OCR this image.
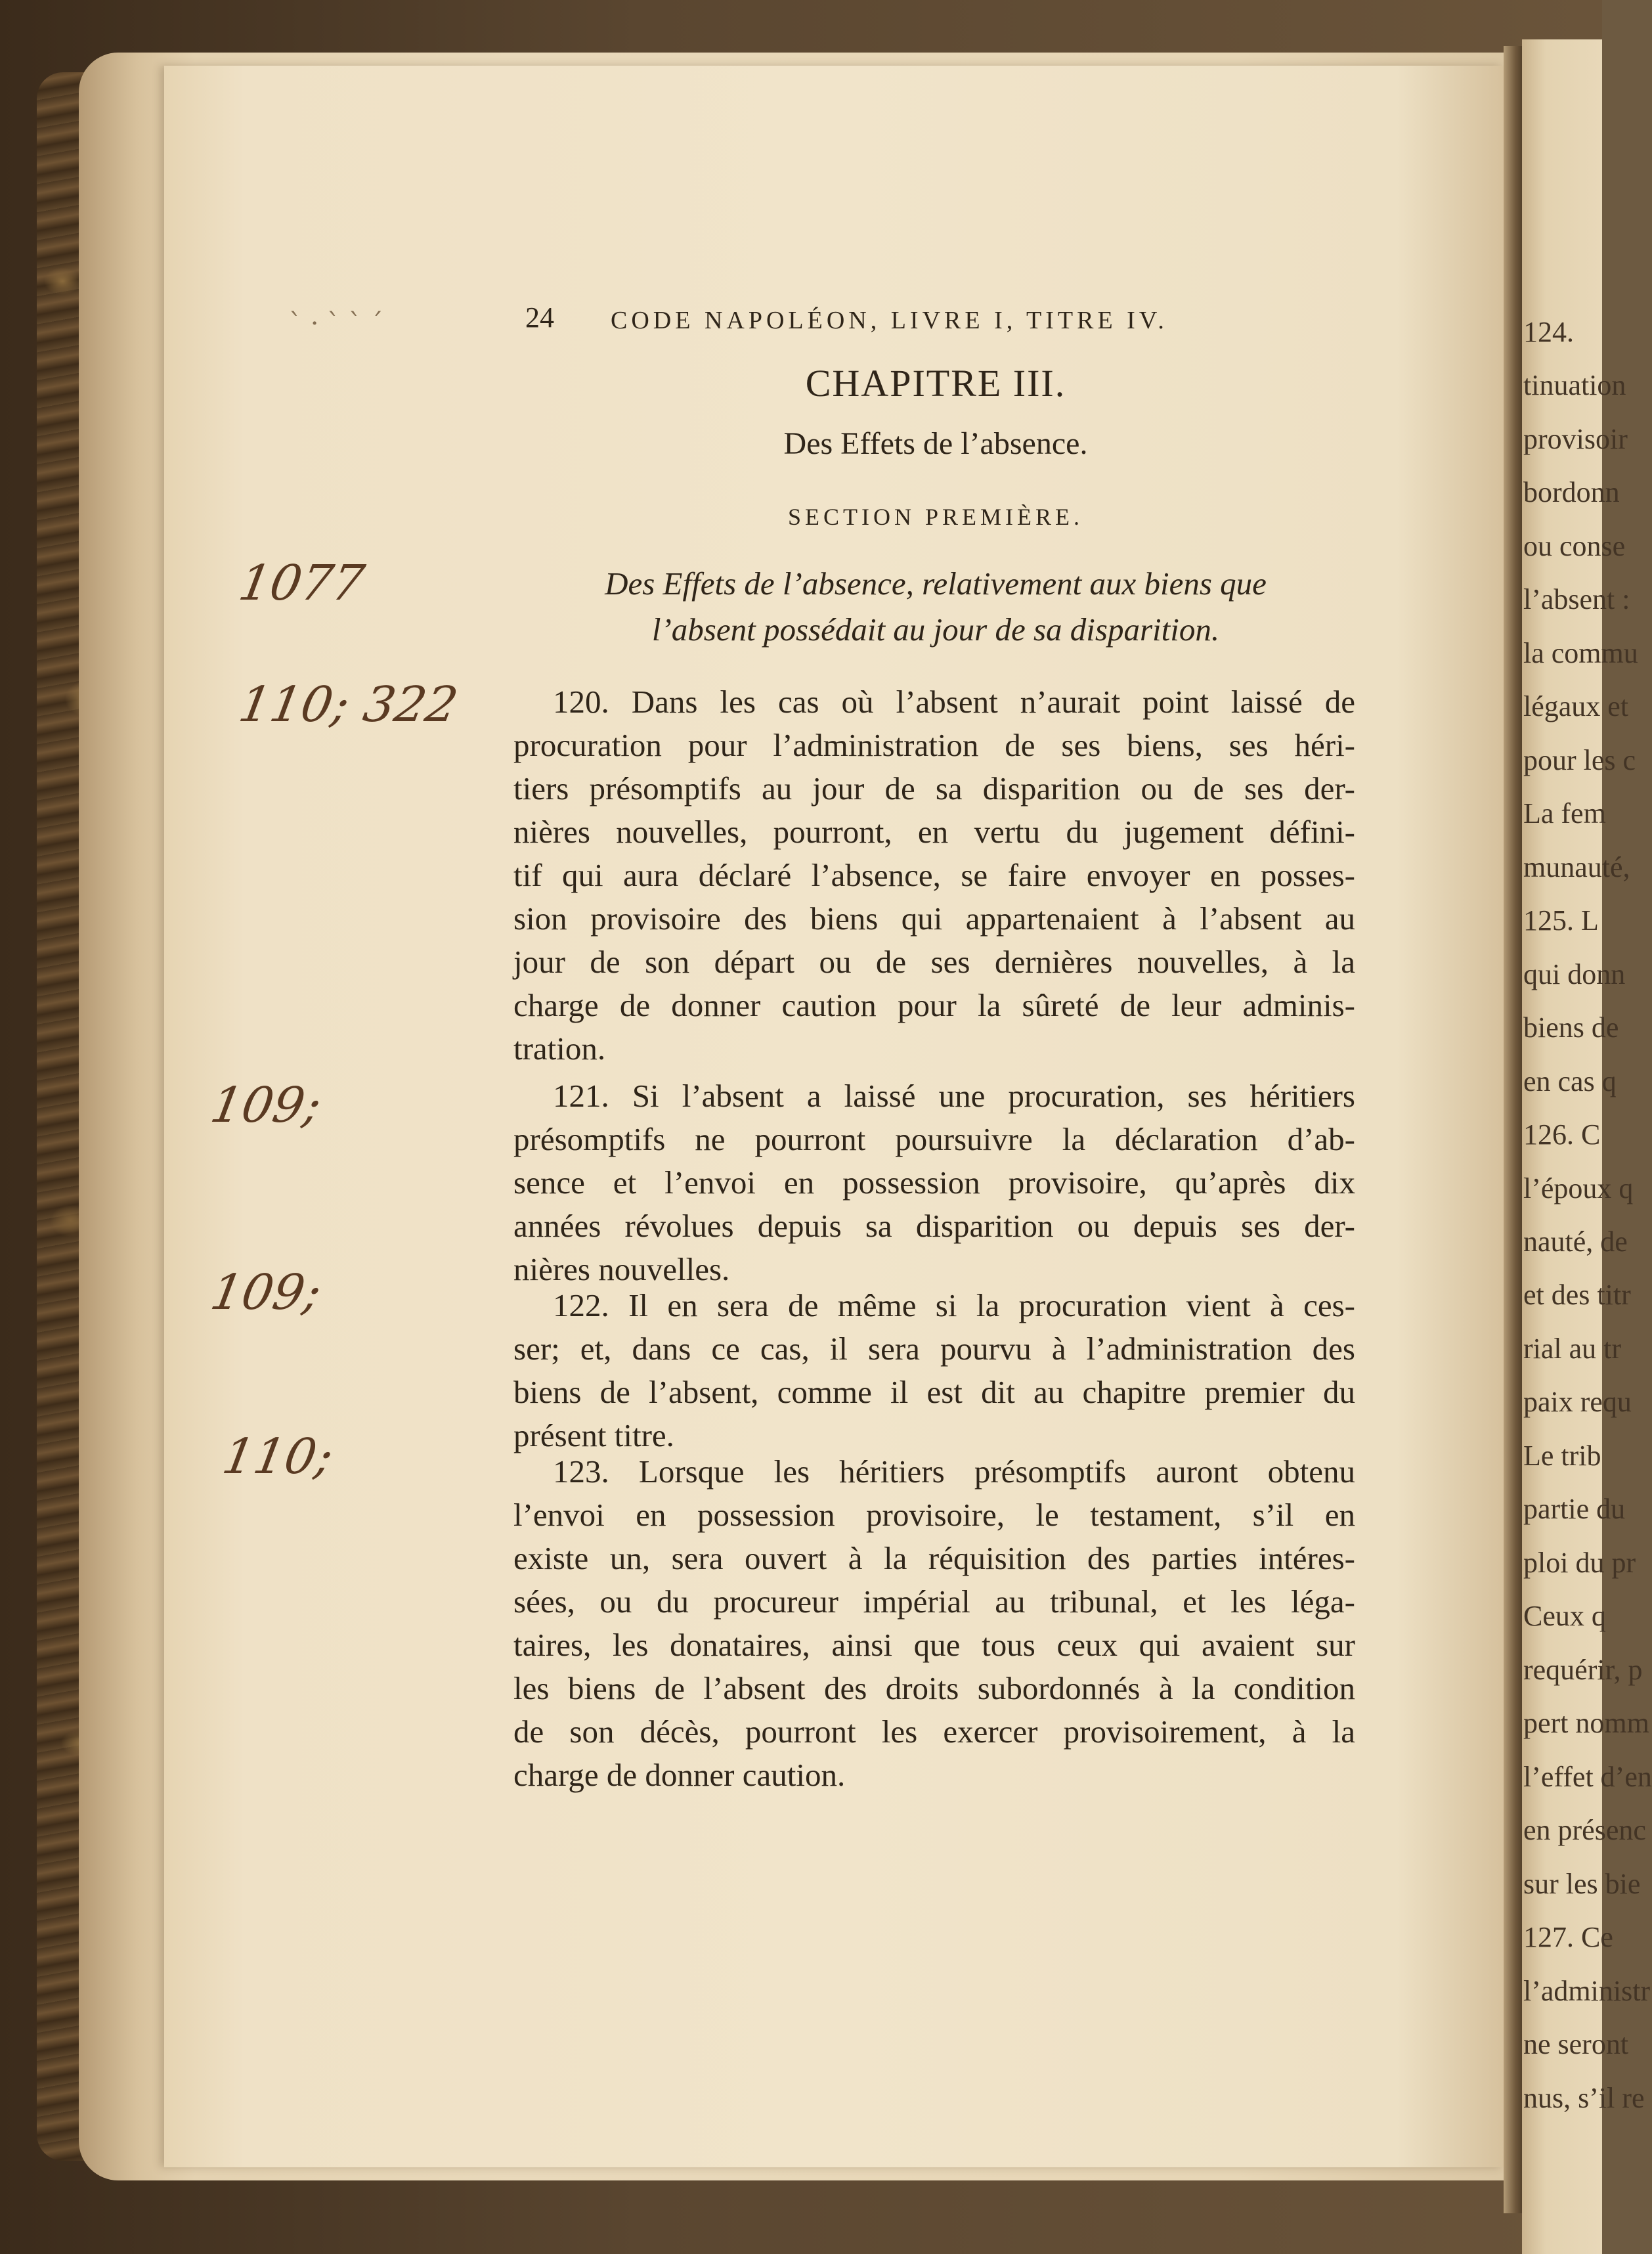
124.
tinuation
provisoir
bordonn
ou conse
l’absent :
la commu
légaux et
pour les c
La fem
munauté,
125. L
qui donn
biens de
en cas q
126. C
l’époux q
nauté, de
et des titr
rial au tr
paix requ
Le trib
partie du
ploi du pr
Ceux q
requérir, p
pert nomm
l’effet d’en
en présenc
sur les bie
127. Ce
l’administr
ne seront
nus, s’il re
ˋ · ˋ ˋ ˊ	24 CODE NAPOLÉON, LIVRE I, TITRE IV.
CHAPITRE III.
Des Effets de l’absence.
SECTION PREMIÈRE.
Des Effets de l’absence, relativement aux biens que
l’absent possédait au jour de sa disparition.
120. Dans les cas où l’absent n’aurait point laissé de
procuration pour l’administration de ses biens, ses héri-
tiers présomptifs au jour de sa disparition ou de ses der-
nières nouvelles, pourront, en vertu du jugement défini-
tif qui aura déclaré l’absence, se faire envoyer en posses-
sion provisoire des biens qui appartenaient à l’absent au
jour de son départ ou de ses dernières nouvelles, à la
charge de donner caution pour la sûreté de leur adminis-
tration.
121. Si l’absent a laissé une procuration, ses héritiers
présomptifs ne pourront poursuivre la déclaration d’ab-
sence et l’envoi en possession provisoire, qu’après dix
années révolues depuis sa disparition ou depuis ses der-
nières nouvelles.
122. Il en sera de même si la procuration vient à ces-
ser; et, dans ce cas, il sera pourvu à l’administration des
biens de l’absent, comme il est dit au chapitre premier du
présent titre.
123. Lorsque les héritiers présomptifs auront obtenu
l’envoi en possession provisoire, le testament, s’il en
existe un, sera ouvert à la réquisition des parties intéres-
sées, ou du procureur impérial au tribunal, et les léga-
taires, les donataires, ainsi que tous ceux qui avaient sur
les biens de l’absent des droits subordonnés à la condition
de son décès, pourront les exercer provisoirement, à la
charge de donner caution.
1077
110; 322
109;
109;
110;
